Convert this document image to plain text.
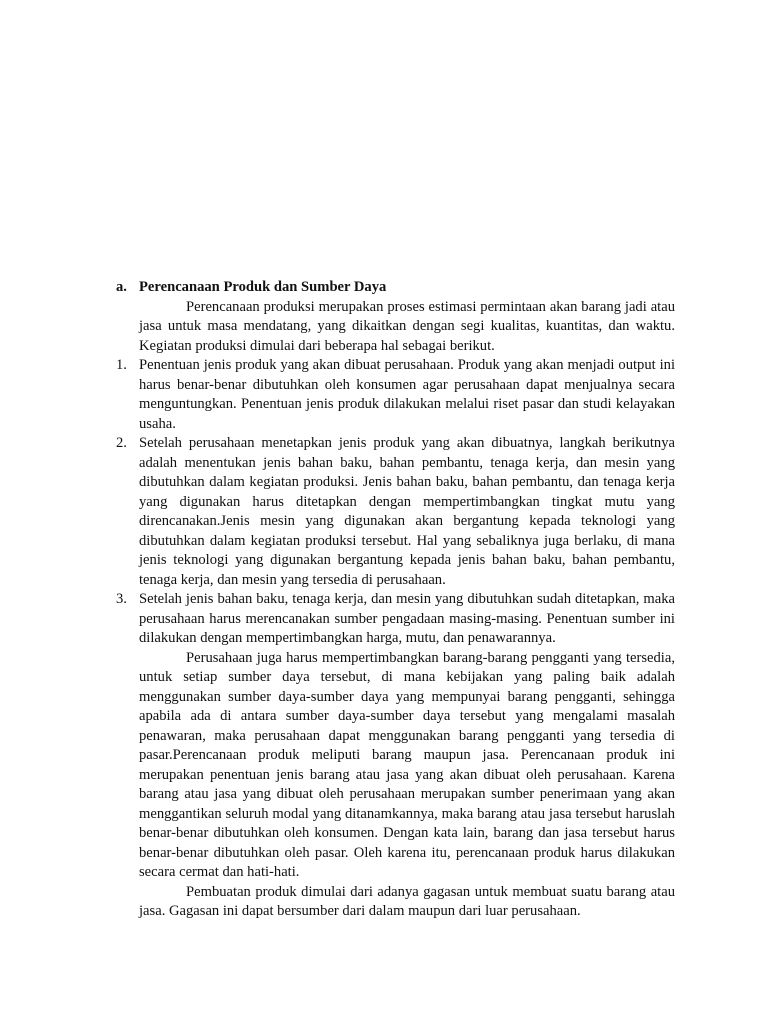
a. Perencanaan Produk dan Sumber Daya

Perencanaan produksi merupakan proses estimasi permintaan akan barang jadi atau jasa untuk masa mendatang, yang dikaitkan dengan segi kualitas, kuantitas, dan waktu. Kegiatan produksi dimulai dari beberapa hal sebagai berikut.

1. Penentuan jenis produk yang akan dibuat perusahaan. Produk yang akan menjadi output ini harus benar-benar dibutuhkan oleh konsumen agar perusahaan dapat menjualnya secara menguntungkan. Penentuan jenis produk dilakukan melalui riset pasar dan studi kelayakan usaha.
2. Setelah perusahaan menetapkan jenis produk yang akan dibuatnya, langkah berikutnya adalah menentukan jenis bahan baku, bahan pembantu, tenaga kerja, dan mesin yang dibutuhkan dalam kegiatan produksi. Jenis bahan baku, bahan pembantu, dan tenaga kerja yang digunakan harus ditetapkan dengan mempertimbangkan tingkat mutu yang direncanakan.Jenis mesin yang digunakan akan bergantung kepada teknologi yang dibutuhkan dalam kegiatan produksi tersebut. Hal yang sebaliknya juga berlaku, di mana jenis teknologi yang digunakan bergantung kepada jenis bahan baku, bahan pembantu, tenaga kerja, dan mesin yang tersedia di perusahaan.
3. Setelah jenis bahan baku, tenaga kerja, dan mesin yang dibutuhkan sudah ditetapkan, maka perusahaan harus merencanakan sumber pengadaan masing-masing. Penentuan sumber ini dilakukan dengan mempertimbangkan harga, mutu, dan penawarannya.

Perusahaan juga harus mempertimbangkan barang-barang pengganti yang tersedia, untuk setiap sumber daya tersebut, di mana kebijakan yang paling baik adalah menggunakan sumber daya-sumber daya yang mempunyai barang pengganti, sehingga apabila ada di antara sumber daya-sumber daya tersebut yang mengalami masalah penawaran, maka perusahaan dapat menggunakan barang pengganti yang tersedia di pasar.Perencanaan produk meliputi barang maupun jasa. Perencanaan produk ini merupakan penentuan jenis barang atau jasa yang akan dibuat oleh perusahaan. Karena barang atau jasa yang dibuat oleh perusahaan merupakan sumber penerimaan yang akan menggantikan seluruh modal yang ditanamkannya, maka barang atau jasa tersebut haruslah benar-benar dibutuhkan oleh konsumen. Dengan kata lain, barang dan jasa tersebut harus benar-benar dibutuhkan oleh pasar. Oleh karena itu, perencanaan produk harus dilakukan secara cermat dan hati-hati.

Pembuatan produk dimulai dari adanya gagasan untuk membuat suatu barang atau jasa. Gagasan ini dapat bersumber dari dalam maupun dari luar perusahaan.
